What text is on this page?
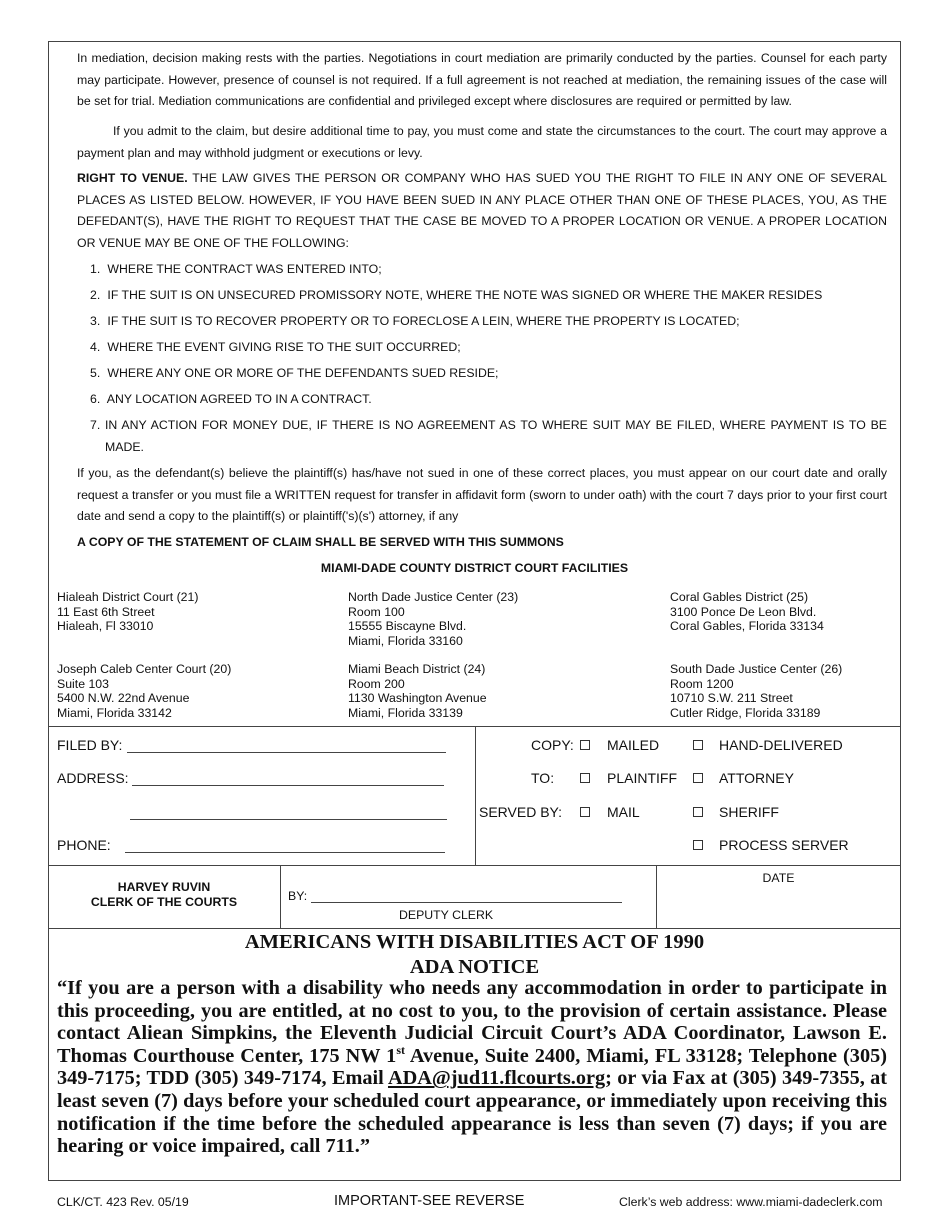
In mediation, decision making rests with the parties. Negotiations in court mediation are primarily conducted by the parties. Counsel for each party may participate. However, presence of counsel is not required. If a full agreement is not reached at mediation, the remaining issues of the case will be set for trial. Mediation communications are confidential and privileged except where disclosures are required or permitted by law.

If you admit to the claim, but desire additional time to pay, you must come and state the circumstances to the court. The court may approve a payment plan and may withhold judgment or executions or levy.

RIGHT TO VENUE. THE LAW GIVES THE PERSON OR COMPANY WHO HAS SUED YOU THE RIGHT TO FILE IN ANY ONE OF SEVERAL PLACES AS LISTED BELOW. HOWEVER, IF YOU HAVE BEEN SUED IN ANY PLACE OTHER THAN ONE OF THESE PLACES, YOU, AS THE DEFEDANT(S), HAVE THE RIGHT TO REQUEST THAT THE CASE BE MOVED TO A PROPER LOCATION OR VENUE. A PROPER LOCATION OR VENUE MAY BE ONE OF THE FOLLOWING:

1. WHERE THE CONTRACT WAS ENTERED INTO;

2. IF THE SUIT IS ON UNSECURED PROMISSORY NOTE, WHERE THE NOTE WAS SIGNED OR WHERE THE MAKER RESIDES

3. IF THE SUIT IS TO RECOVER PROPERTY OR TO FORECLOSE A LEIN, WHERE THE PROPERTY IS LOCATED;

4. WHERE THE EVENT GIVING RISE TO THE SUIT OCCURRED;

5. WHERE ANY ONE OR MORE OF THE DEFENDANTS SUED RESIDE;

6. ANY LOCATION AGREED TO IN A CONTRACT.

7. IN ANY ACTION FOR MONEY DUE, IF THERE IS NO AGREEMENT AS TO WHERE SUIT MAY BE FILED, WHERE PAYMENT IS TO BE MADE.

If you, as the defendant(s) believe the plaintiff(s) has/have not sued in one of these correct places, you must appear on our court date and orally request a transfer or you must file a WRITTEN request for transfer in affidavit form (sworn to under oath) with the court 7 days prior to your first court date and send a copy to the plaintiff(s) or plaintiff('s)(s') attorney, if any

A COPY OF THE STATEMENT OF CLAIM SHALL BE SERVED WITH THIS SUMMONS
MIAMI-DADE COUNTY DISTRICT COURT FACILITIES
Hialeah District Court (21)
11 East 6th Street
Hialeah, Fl 33010
North Dade Justice Center (23)
Room 100
15555 Biscayne Blvd.
Miami, Florida 33160
Coral Gables District (25)
3100 Ponce De Leon Blvd.
Coral Gables, Florida 33134
Joseph Caleb Center Court (20)
Suite 103
5400 N.W. 22nd Avenue
Miami, Florida 33142
Miami Beach District (24)
Room 200
1130 Washington Avenue
Miami, Florida 33139
South Dade Justice Center (26)
Room 1200
10710 S.W. 211 Street
Cutler Ridge, Florida 33189
FILED BY:
ADDRESS:
PHONE:
COPY: MAILED	HAND-DELIVERED
TO:	PLAINTIFF	ATTORNEY
SERVED BY:	MAIL	SHERIFF
PROCESS SERVER
HARVEY RUVIN
CLERK OF THE COURTS	BY:
DEPUTY CLERK
DATE
AMERICANS WITH DISABILITIES ACT OF 1990
ADA NOTICE

“If you are a person with a disability who needs any accommodation in order to participate in this proceeding, you are entitled, at no cost to you, to the provision of certain assistance. Please contact Aliean Simpkins, the Eleventh Judicial Circuit Court’s ADA Coordinator, Lawson E. Thomas Courthouse Center, 175 NW 1st Avenue, Suite 2400, Miami, FL 33128; Telephone (305) 349-7175; TDD (305) 349-7174, Email ADA@jud11.flcourts.org; or via Fax at (305) 349-7355, at least seven (7) days before your scheduled court appearance, or immediately upon receiving this notification if the time before the scheduled appearance is less than seven (7) days; if you are hearing or voice impaired, call 711.”

CLK/CT. 423 Rev. 05/19	IMPORTANT-SEE REVERSE	Clerk’s web address: www.miami-dadeclerk.com
